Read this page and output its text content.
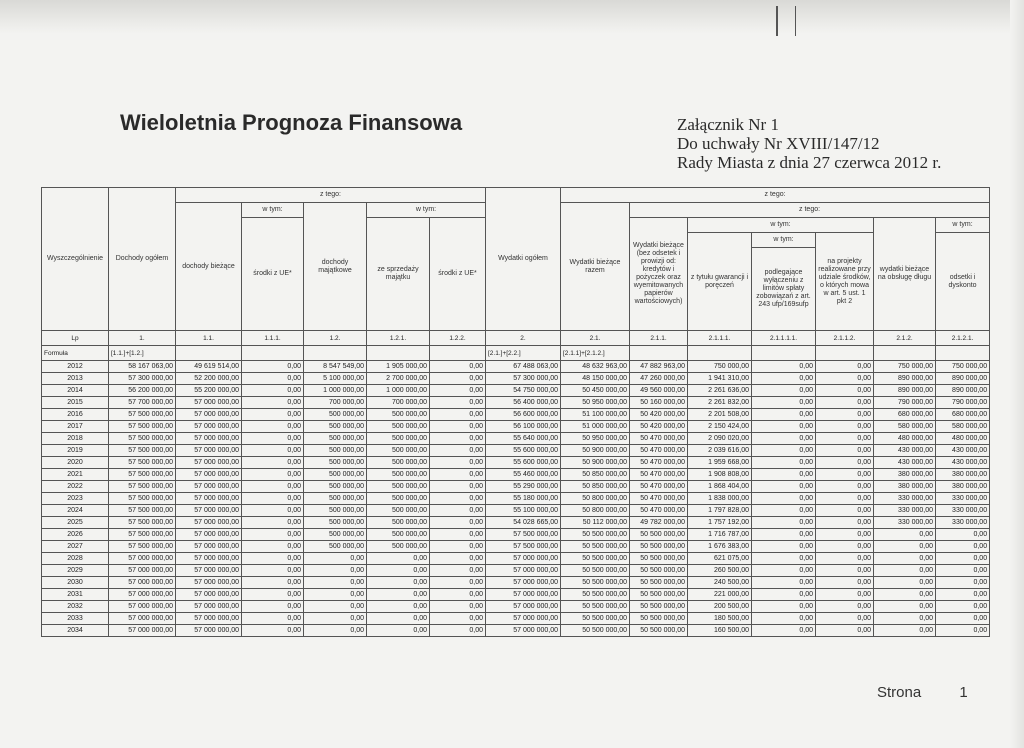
Wieloletnia Prognoza Finansowa	Załącznik Nr 1
Do uchwały Nr XVIII/147/12
Rady Miasta z dnia 27 czerwca 2012 r.
Wyszczególnienie	Dochody ogółem	z tego:					Wydatki ogółem	z tego:						
		dochody bieżące	w tym:	dochody majątkowe	w tym:			Wydatki bieżące razem	z tego:					
			środki z UE*		ze sprzedaży majątku	środki z UE*			Wydatki bieżące (bez odsetek i prowizji od: kredytów i pożyczek oraz wyemitowanych papierów wartościowych)	w tym:			wydatki bieżące na obsługę długu	w tym:
										z tytułu gwarancji i poręczeń	w tym:	na projekty realizowane przy udziale środków, o których mowa w art. 5 ust. 1 pkt 2		odsetki i dyskonto
											podlegające wyłączeniu z limitów spłaty zobowiązań z art. 243 ufp/169sufp			
Lp	1.	1.1.	1.1.1.	1.2.	1.2.1.	1.2.2.	2.	2.1.	2.1.1.	2.1.1.1.	2.1.1.1.1.	2.1.1.2.	2.1.2.	2.1.2.1.
Formuła	[1.1.]+[1.2.]						[2.1.]+[2.2.]	[2.1.1]+[2.1.2.]						
2012	58 167 063,00	49 619 514,00	0,00	8 547 549,00	1 905 000,00	0,00	67 488 063,00	48 632 963,00	47 882 963,00	750 000,00	0,00	0,00	750 000,00	750 000,00
2013	57 300 000,00	52 200 000,00	0,00	5 100 000,00	2 700 000,00	0,00	57 300 000,00	48 150 000,00	47 260 000,00	1 941 310,00	0,00	0,00	890 000,00	890 000,00
2014	56 200 000,00	55 200 000,00	0,00	1 000 000,00	1 000 000,00	0,00	54 750 000,00	50 450 000,00	49 560 000,00	2 261 636,00	0,00	0,00	890 000,00	890 000,00
2015	57 700 000,00	57 000 000,00	0,00	700 000,00	700 000,00	0,00	56 400 000,00	50 950 000,00	50 160 000,00	2 261 832,00	0,00	0,00	790 000,00	790 000,00
2016	57 500 000,00	57 000 000,00	0,00	500 000,00	500 000,00	0,00	56 600 000,00	51 100 000,00	50 420 000,00	2 201 508,00	0,00	0,00	680 000,00	680 000,00
2017	57 500 000,00	57 000 000,00	0,00	500 000,00	500 000,00	0,00	56 100 000,00	51 000 000,00	50 420 000,00	2 150 424,00	0,00	0,00	580 000,00	580 000,00
2018	57 500 000,00	57 000 000,00	0,00	500 000,00	500 000,00	0,00	55 640 000,00	50 950 000,00	50 470 000,00	2 090 020,00	0,00	0,00	480 000,00	480 000,00
2019	57 500 000,00	57 000 000,00	0,00	500 000,00	500 000,00	0,00	55 600 000,00	50 900 000,00	50 470 000,00	2 039 616,00	0,00	0,00	430 000,00	430 000,00
2020	57 500 000,00	57 000 000,00	0,00	500 000,00	500 000,00	0,00	55 600 000,00	50 900 000,00	50 470 000,00	1 959 668,00	0,00	0,00	430 000,00	430 000,00
2021	57 500 000,00	57 000 000,00	0,00	500 000,00	500 000,00	0,00	55 460 000,00	50 850 000,00	50 470 000,00	1 908 808,00	0,00	0,00	380 000,00	380 000,00
2022	57 500 000,00	57 000 000,00	0,00	500 000,00	500 000,00	0,00	55 290 000,00	50 850 000,00	50 470 000,00	1 868 404,00	0,00	0,00	380 000,00	380 000,00
2023	57 500 000,00	57 000 000,00	0,00	500 000,00	500 000,00	0,00	55 180 000,00	50 800 000,00	50 470 000,00	1 838 000,00	0,00	0,00	330 000,00	330 000,00
2024	57 500 000,00	57 000 000,00	0,00	500 000,00	500 000,00	0,00	55 100 000,00	50 800 000,00	50 470 000,00	1 797 828,00	0,00	0,00	330 000,00	330 000,00
2025	57 500 000,00	57 000 000,00	0,00	500 000,00	500 000,00	0,00	54 028 665,00	50 112 000,00	49 782 000,00	1 757 192,00	0,00	0,00	330 000,00	330 000,00
2026	57 500 000,00	57 000 000,00	0,00	500 000,00	500 000,00	0,00	57 500 000,00	50 500 000,00	50 500 000,00	1 716 787,00	0,00	0,00	0,00	0,00
2027	57 500 000,00	57 000 000,00	0,00	500 000,00	500 000,00	0,00	57 500 000,00	50 500 000,00	50 500 000,00	1 676 383,00	0,00	0,00	0,00	0,00
2028	57 000 000,00	57 000 000,00	0,00	0,00	0,00	0,00	57 000 000,00	50 500 000,00	50 500 000,00	621 075,00	0,00	0,00	0,00	0,00
2029	57 000 000,00	57 000 000,00	0,00	0,00	0,00	0,00	57 000 000,00	50 500 000,00	50 500 000,00	260 500,00	0,00	0,00	0,00	0,00
2030	57 000 000,00	57 000 000,00	0,00	0,00	0,00	0,00	57 000 000,00	50 500 000,00	50 500 000,00	240 500,00	0,00	0,00	0,00	0,00
2031	57 000 000,00	57 000 000,00	0,00	0,00	0,00	0,00	57 000 000,00	50 500 000,00	50 500 000,00	221 000,00	0,00	0,00	0,00	0,00
2032	57 000 000,00	57 000 000,00	0,00	0,00	0,00	0,00	57 000 000,00	50 500 000,00	50 500 000,00	200 500,00	0,00	0,00	0,00	0,00
2033	57 000 000,00	57 000 000,00	0,00	0,00	0,00	0,00	57 000 000,00	50 500 000,00	50 500 000,00	180 500,00	0,00	0,00	0,00	0,00
2034	57 000 000,00	57 000 000,00	0,00	0,00	0,00	0,00	57 000 000,00	50 500 000,00	50 500 000,00	160 500,00	0,00	0,00	0,00	0,00
Strona	1
